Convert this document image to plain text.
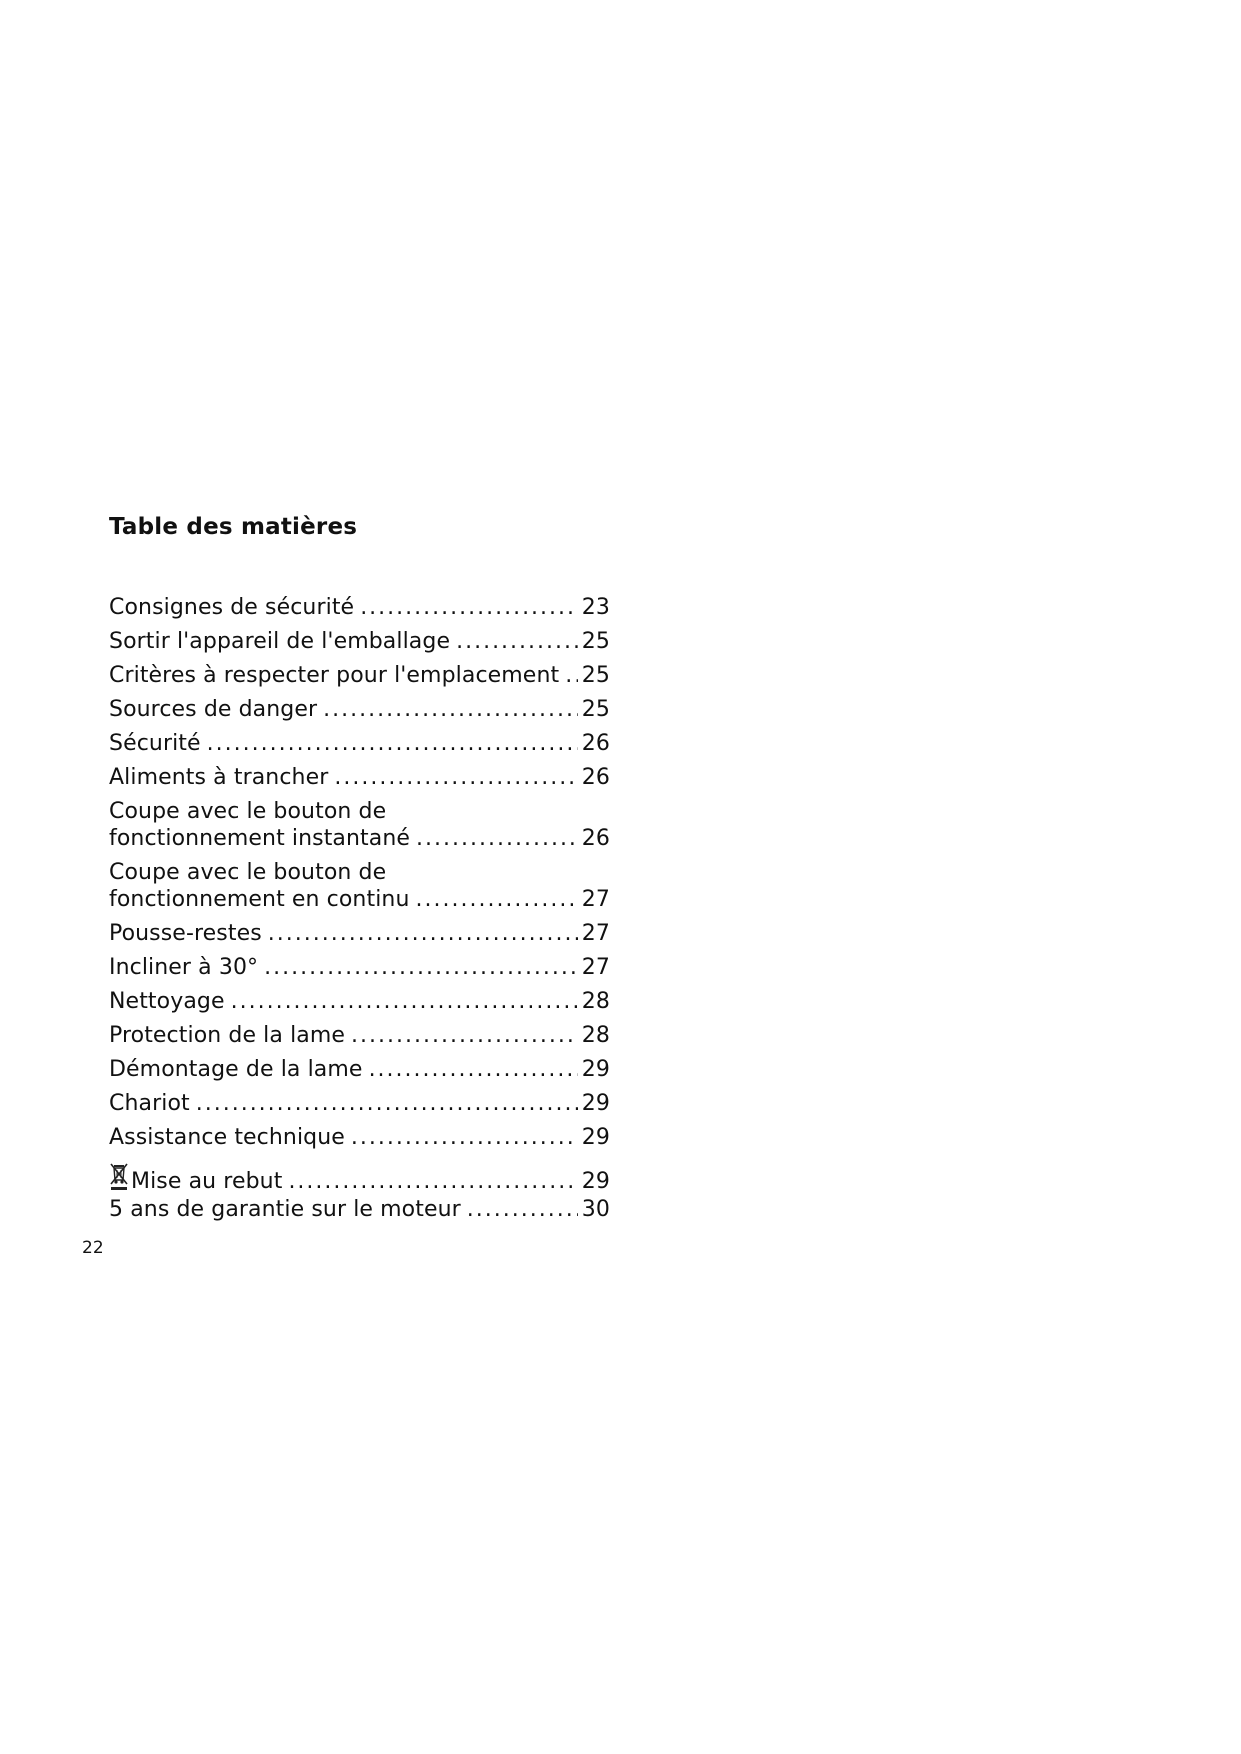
Table des matières
Consignes de sécurité .....	23
Sortir l'appareil de l'emballage .....	25
Critères à respecter pour l'emplacement ..... 25
Sources de danger .....	25
Sécurité .....	26
Aliments à trancher .....	26
Coupe avec le bouton de
fonctionnement instantané .....	26
Coupe avec le bouton de
fonctionnement en continu .....	27
Pousse-restes .....	27
Incliner à 30° .....	27
Nettoyage .....	28
Protection de la lame .....	28
Démontage de la lame .....	29
Chariot .....	29
Assistance technique .....	29
Mise au rebut .....	29
5 ans de garantie sur le moteur .....	30
22
